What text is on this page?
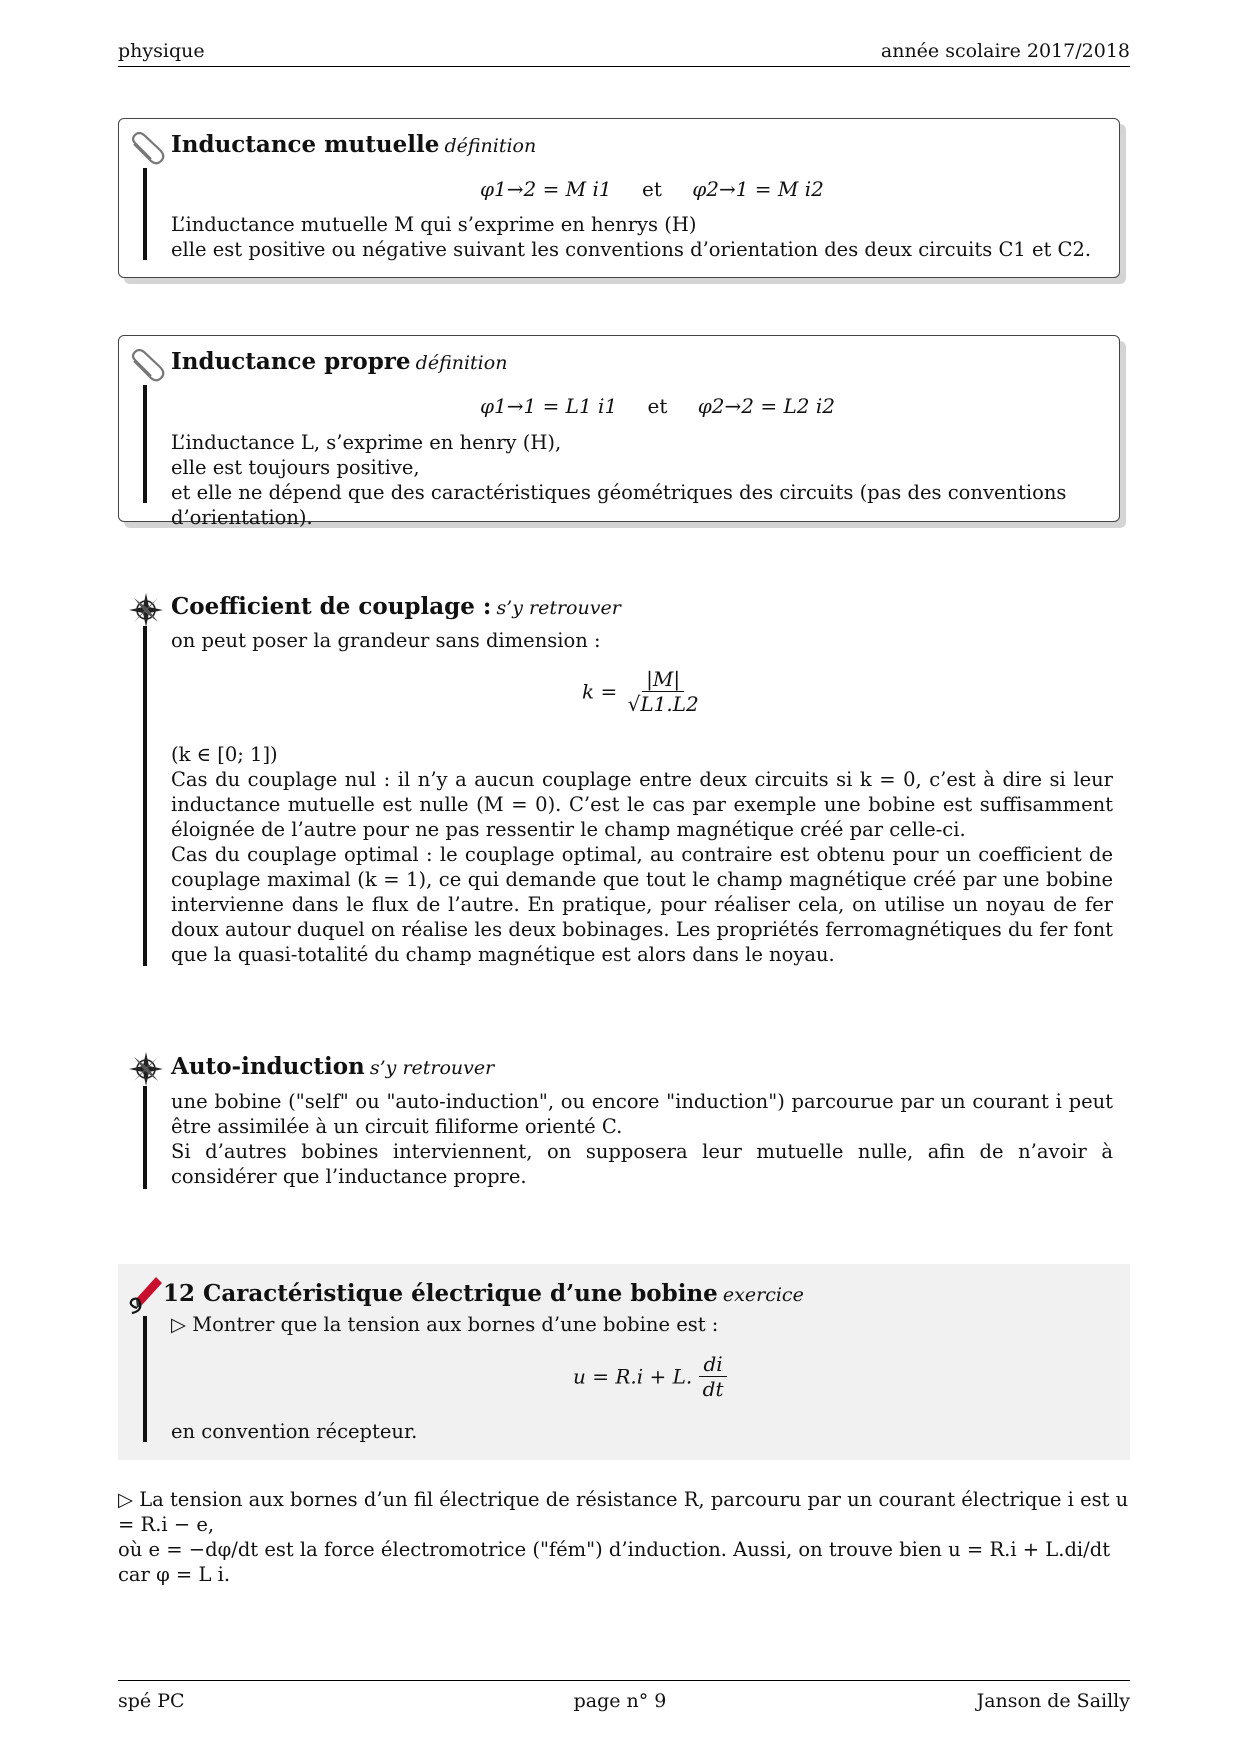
physique	année scolaire 2017/2018
Inductance mutuelle définition
φ1→2 = M i1 et φ2→1 = M i2
L’inductance mutuelle M qui s’exprime en henrys (H)
elle est positive ou négative suivant les conventions d’orientation des deux circuits C1 et C2.
Inductance propre définition
φ1→1 = L1 i1 et φ2→2 = L2 i2
L’inductance L, s’exprime en henry (H),
elle est toujours positive,
et elle ne dépend que des caractéristiques géométriques des circuits (pas des conventions d’orientation).
Coefficient de couplage : s’y retrouver
on peut poser la grandeur sans dimension :
$k = \frac{|M|}{√L1.L2}$
(k ∈ [0; 1])
Cas du couplage nul : il n’y a aucun couplage entre deux circuits si k = 0, c’est à dire si leur inductance mutuelle est nulle (M = 0). C’est le cas par exemple une bobine est suffisamment éloignée de l’autre pour ne pas ressentir le champ magnétique créé par celle-ci.
Cas du couplage optimal : le couplage optimal, au contraire est obtenu pour un coefficient de couplage maximal (k = 1), ce qui demande que tout le champ magnétique créé par une bobine intervienne dans le flux de l’autre. En pratique, pour réaliser cela, on utilise un noyau de fer doux autour duquel on réalise les deux bobinages. Les propriétés ferromagnétiques du fer font que la quasi-totalité du champ magnétique est alors dans le noyau.
Auto-induction s’y retrouver
une bobine ("self" ou "auto-induction", ou encore "induction") parcourue par un courant i peut être assimilée à un circuit filiforme orienté C.
Si d’autres bobines interviennent, on supposera leur mutuelle nulle, afin de n’avoir à considérer que l’inductance propre.
12 Caractéristique électrique d’une bobine exercice
▷ Montrer que la tension aux bornes d’une bobine est :
u = R.i + L. $\frac{di}{dt}$
en convention récepteur.
▷ La tension aux bornes d’un fil électrique de résistance R, parcouru par un courant électrique i est u = R.i − e,
où e = −dφ/dt est la force électromotrice ("fém") d’induction. Aussi, on trouve bien u = R.i + L.di/dt car φ = L i.
spé PC	page n° 9	Janson de Sailly
